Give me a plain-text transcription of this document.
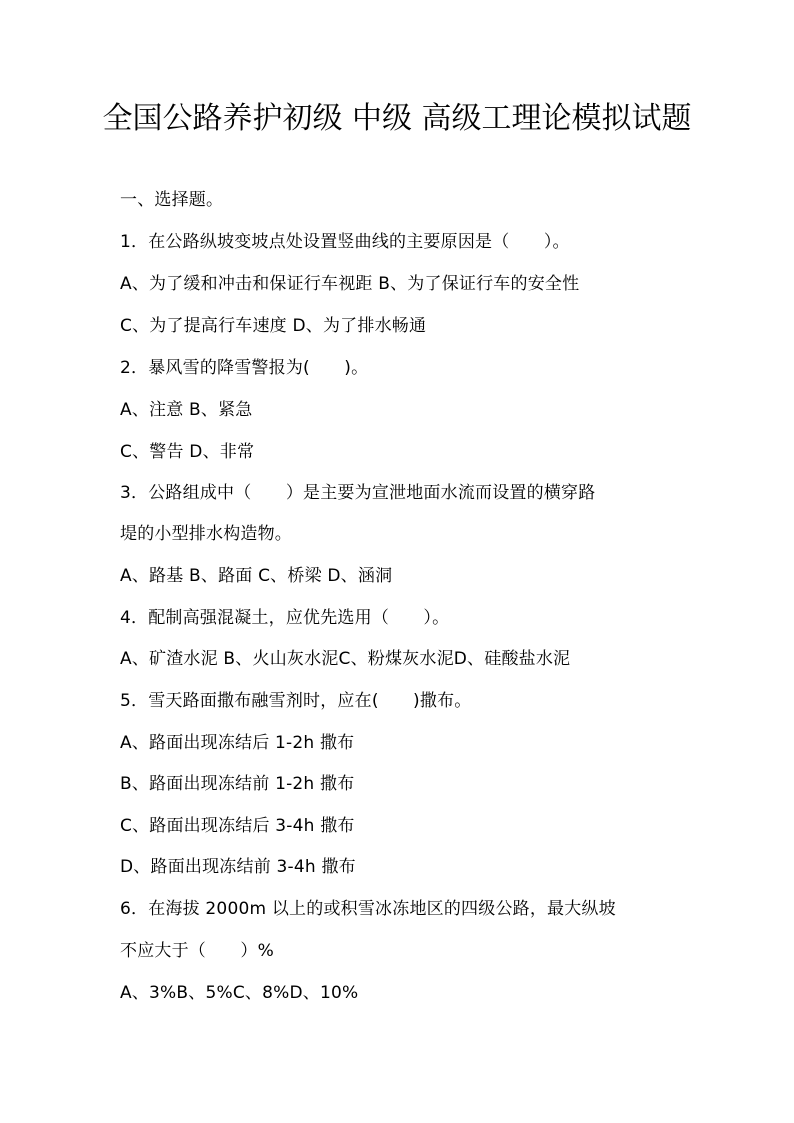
全国公路养护初级 中级 高级工理论模拟试题
一、选择题。
1．在公路纵坡变坡点处设置竖曲线的主要原因是（　　）。
A、为了缓和冲击和保证行车视距 B、为了保证行车的安全性
C、为了提高行车速度 D、为了排水畅通
2．暴风雪的降雪警报为(　　)。
A、注意 B、紧急
C、警告 D、非常
3．公路组成中（　　）是主要为宣泄地面水流而设置的横穿路
堤的小型排水构造物。
A、路基 B、路面 C、桥梁 D、涵洞
4．配制高强混凝土，应优先选用（　　）。
A、矿渣水泥 B、火山灰水泥C、粉煤灰水泥D、硅酸盐水泥
5．雪天路面撒布融雪剂时，应在(　　)撒布。
A、路面出现冻结后 1-2h 撒布
B、路面出现冻结前 1-2h 撒布
C、路面出现冻结后 3-4h 撒布
D、路面出现冻结前 3-4h 撒布
6．在海拔 2000m 以上的或积雪冰冻地区的四级公路，最大纵坡
不应大于（　　）%
A、3%B、5%C、8%D、10%
